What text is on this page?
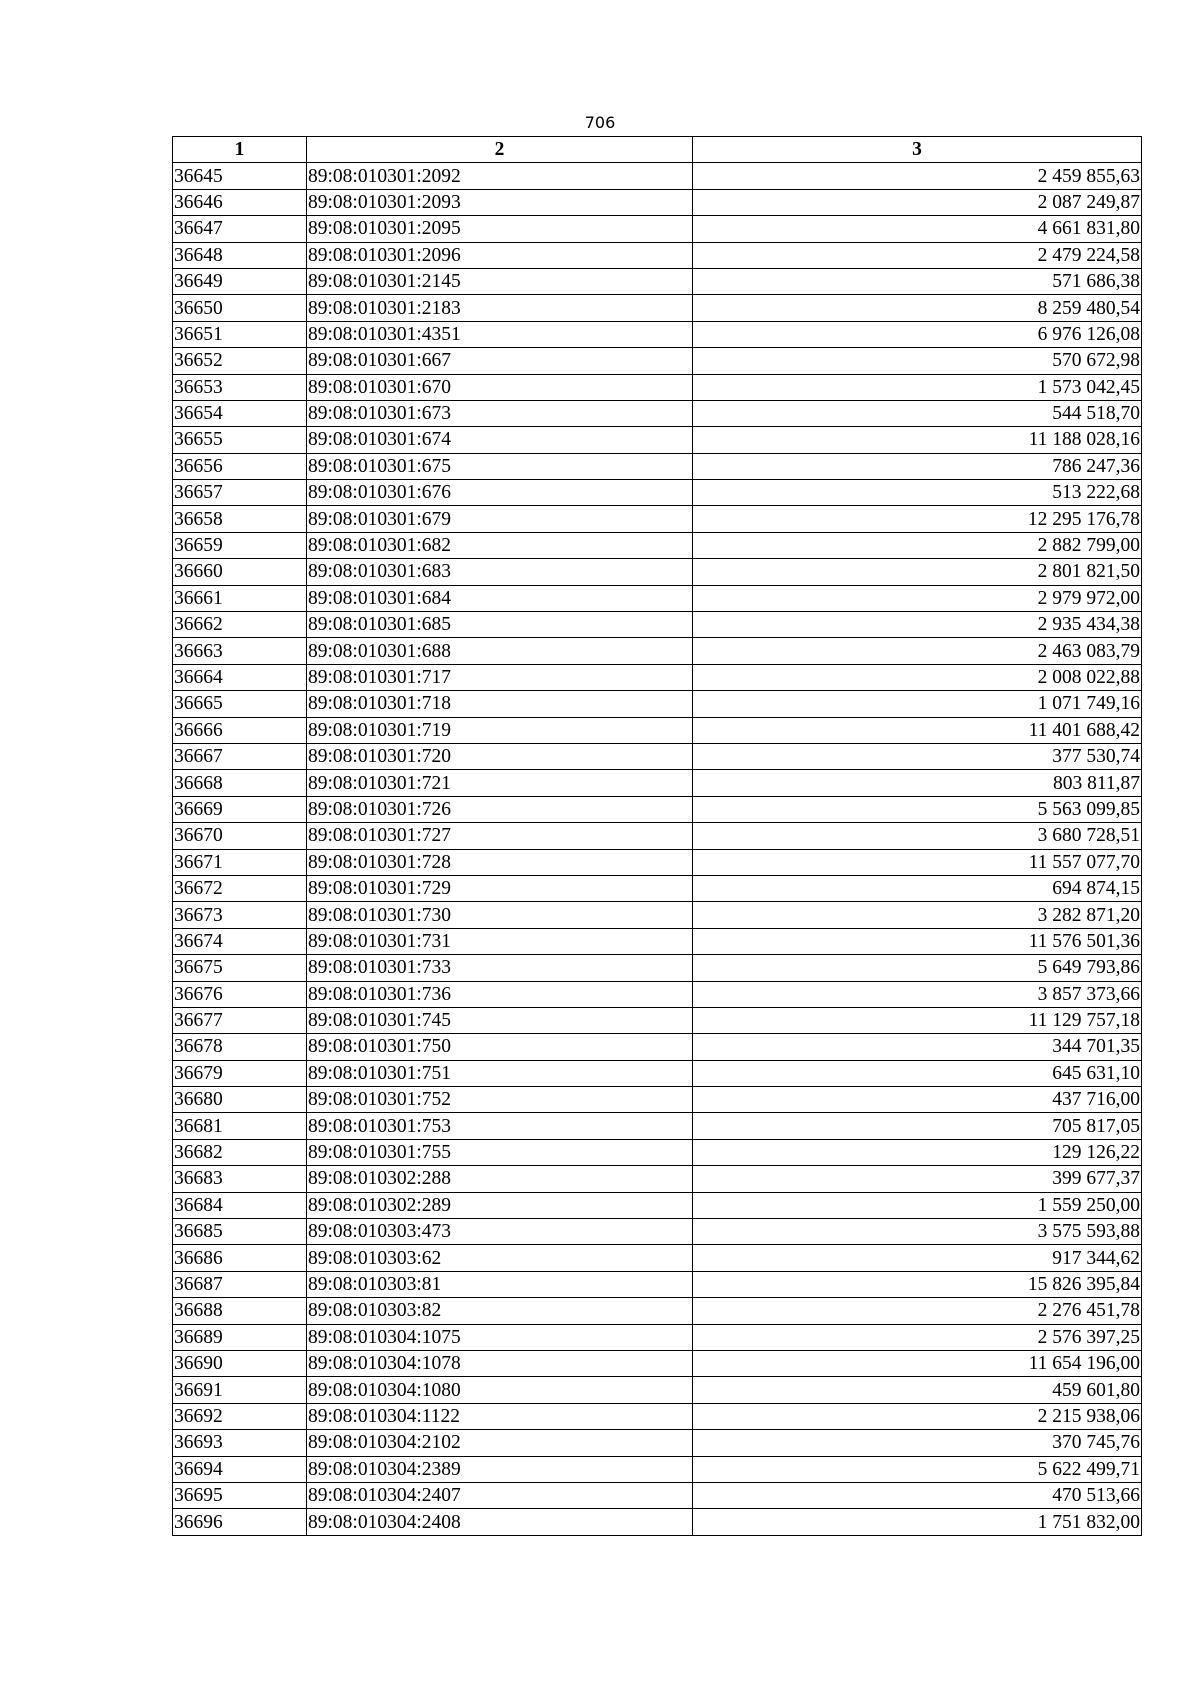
706
1	2	3
36645	89:08:010301:2092	2 459 855,63
36646	89:08:010301:2093	2 087 249,87
36647	89:08:010301:2095	4 661 831,80
36648	89:08:010301:2096	2 479 224,58
36649	89:08:010301:2145	571 686,38
36650	89:08:010301:2183	8 259 480,54
36651	89:08:010301:4351	6 976 126,08
36652	89:08:010301:667	570 672,98
36653	89:08:010301:670	1 573 042,45
36654	89:08:010301:673	544 518,70
36655	89:08:010301:674	11 188 028,16
36656	89:08:010301:675	786 247,36
36657	89:08:010301:676	513 222,68
36658	89:08:010301:679	12 295 176,78
36659	89:08:010301:682	2 882 799,00
36660	89:08:010301:683	2 801 821,50
36661	89:08:010301:684	2 979 972,00
36662	89:08:010301:685	2 935 434,38
36663	89:08:010301:688	2 463 083,79
36664	89:08:010301:717	2 008 022,88
36665	89:08:010301:718	1 071 749,16
36666	89:08:010301:719	11 401 688,42
36667	89:08:010301:720	377 530,74
36668	89:08:010301:721	803 811,87
36669	89:08:010301:726	5 563 099,85
36670	89:08:010301:727	3 680 728,51
36671	89:08:010301:728	11 557 077,70
36672	89:08:010301:729	694 874,15
36673	89:08:010301:730	3 282 871,20
36674	89:08:010301:731	11 576 501,36
36675	89:08:010301:733	5 649 793,86
36676	89:08:010301:736	3 857 373,66
36677	89:08:010301:745	11 129 757,18
36678	89:08:010301:750	344 701,35
36679	89:08:010301:751	645 631,10
36680	89:08:010301:752	437 716,00
36681	89:08:010301:753	705 817,05
36682	89:08:010301:755	129 126,22
36683	89:08:010302:288	399 677,37
36684	89:08:010302:289	1 559 250,00
36685	89:08:010303:473	3 575 593,88
36686	89:08:010303:62	917 344,62
36687	89:08:010303:81	15 826 395,84
36688	89:08:010303:82	2 276 451,78
36689	89:08:010304:1075	2 576 397,25
36690	89:08:010304:1078	11 654 196,00
36691	89:08:010304:1080	459 601,80
36692	89:08:010304:1122	2 215 938,06
36693	89:08:010304:2102	370 745,76
36694	89:08:010304:2389	5 622 499,71
36695	89:08:010304:2407	470 513,66
36696	89:08:010304:2408	1 751 832,00
